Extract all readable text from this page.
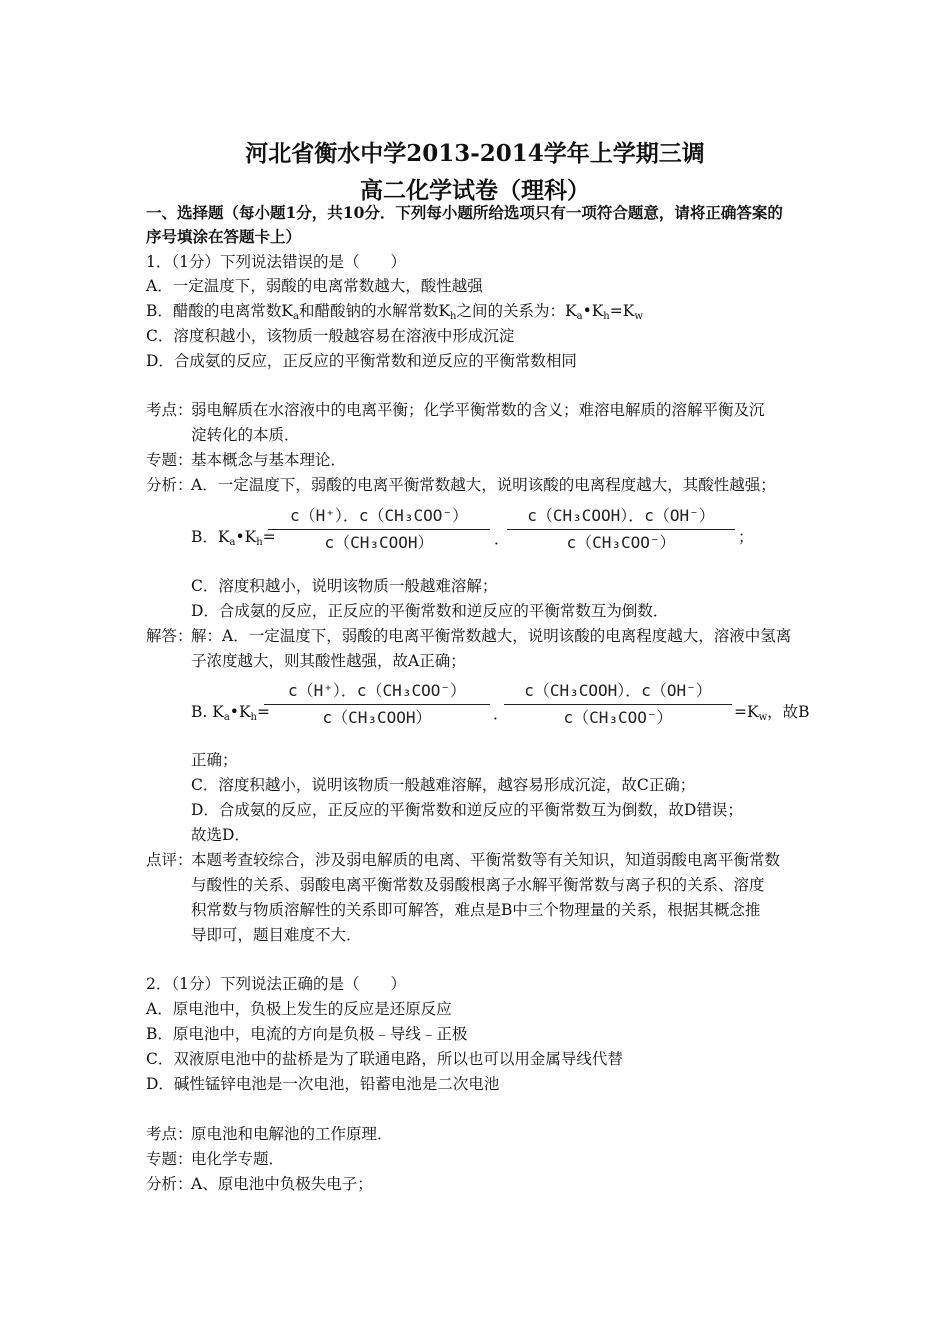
河北省衡水中学2013-2014学年上学期三调
高二化学试卷（理科）
一、选择题（每小题1分，共10分．下列每小题所给选项只有一项符合题意，请将正确答案的
序号填涂在答题卡上）
1．（1分）下列说法错误的是（　　）
A．一定温度下，弱酸的电离常数越大，酸性越强
B．醋酸的电离常数$K_a$和醋酸钠的水解常数$K_h$之间的关系为：$K_a•K_h=K_w$
C．溶度积越小，该物质一般越容易在溶液中形成沉淀
D．合成氨的反应，正反应的平衡常数和逆反应的平衡常数相同
考点：
弱电解质在水溶液中的电离平衡；化学平衡常数的含义；难溶电解质的溶解平衡及沉
淀转化的本质．
专题：
基本概念与基本理论．
分析：
A．一定温度下，弱酸的电离平衡常数越大，说明该酸的电离程度越大，其酸性越强；
B．$K_a•K_h=$
c（H⁺）．c（CH₃COO⁻）
c（CH₃COOH）	．
c（CH₃COOH）．c（OH⁻）
c（CH₃COO⁻）	；
C．溶度积越小，说明该物质一般越难溶解；
D．合成氨的反应，正反应的平衡常数和逆反应的平衡常数互为倒数．
解答：
解：A．一定温度下，弱酸的电离平衡常数越大，说明该酸的电离程度越大，溶液中氢离
子浓度越大，则其酸性越强，故A正确；
B. $K_a•K_h=$
c（H⁺）．c（CH₃COO⁻）
c（CH₃COOH）	．
c（CH₃COOH）．c（OH⁻）
c（CH₃COO⁻）	$=K_w$，故B
正确；
C．溶度积越小，说明该物质一般越难溶解，越容易形成沉淀，故C正确；
D．合成氨的反应，正反应的平衡常数和逆反应的平衡常数互为倒数，故D错误；
故选D．
点评：
本题考查较综合，涉及弱电解质的电离、平衡常数等有关知识，知道弱酸电离平衡常数
与酸性的关系、弱酸电离平衡常数及弱酸根离子水解平衡常数与离子积的关系、溶度
积常数与物质溶解性的关系即可解答，难点是B中三个物理量的关系，根据其概念推
导即可，题目难度不大．
2．（1分）下列说法正确的是（　　）
A．原电池中，负极上发生的反应是还原反应
B．原电池中，电流的方向是负极﹣导线﹣正极
C．双液原电池中的盐桥是为了联通电路，所以也可以用金属导线代替
D．碱性锰锌电池是一次电池，铅蓄电池是二次电池
考点：
原电池和电解池的工作原理．
专题：
电化学专题．
分析：
A、原电池中负极失电子；
